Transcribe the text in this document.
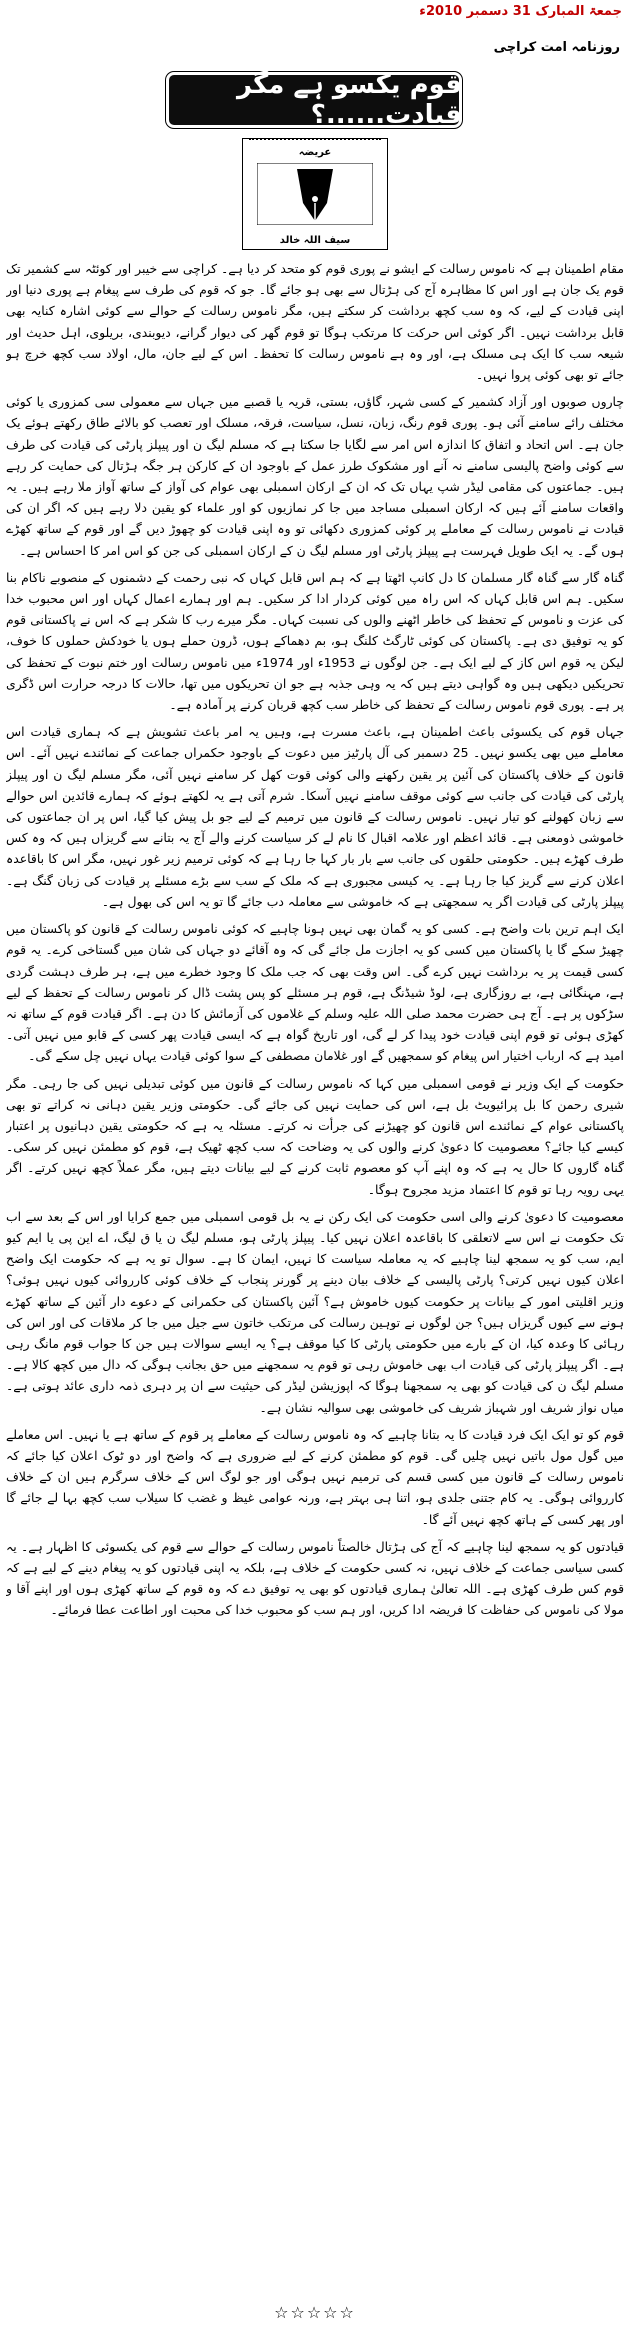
جمعۃ المبارک 31 دسمبر 2010ء
روزنامہ امت کراچی
قوم یکسو ہے مگر قیادت......؟
عریضہ
سیف اللہ خالد

مقام اطمینان ہے کہ ناموس رسالت کے ایشو نے پوری قوم کو متحد کر دیا ہے۔ کراچی سے خیبر اور کوئٹہ سے کشمیر تک قوم یک جان ہے اور اس کا مظاہرہ آج کی ہڑتال سے بھی ہو جائے گا۔ جو کہ قوم کی طرف سے پیغام ہے پوری دنیا اور اپنی قیادت کے لیے، کہ وہ سب کچھ برداشت کر سکتے ہیں، مگر ناموس رسالت کے حوالے سے کوئی اشارہ کنایہ بھی قابل برداشت نہیں۔ اگر کوئی اس حرکت کا مرتکب ہوگا تو قوم گھر کی دیوار گرانے، دیوبندی، بریلوی، اہل حدیث اور شیعہ سب کا ایک ہی مسلک ہے، اور وہ ہے ناموس رسالت کا تحفظ۔ اس کے لیے جان، مال، اولاد سب کچھ خرچ ہو جائے تو بھی کوئی پروا نہیں۔

چاروں صوبوں اور آزاد کشمیر کے کسی شہر، گاؤں، بستی، قریہ یا قصبے میں جہاں سے معمولی سی کمزوری یا کوئی مختلف رائے سامنے آئی ہو۔ پوری قوم رنگ، زبان، نسل، سیاست، فرقہ، مسلک اور تعصب کو بالائے طاق رکھتے ہوئے یک جان ہے۔ اس اتحاد و اتفاق کا اندازہ اس امر سے لگایا جا سکتا ہے کہ مسلم لیگ ن اور پیپلز پارٹی کی قیادت کی طرف سے کوئی واضح پالیسی سامنے نہ آنے اور مشکوک طرز عمل کے باوجود ان کے کارکن ہر جگہ ہڑتال کی حمایت کر رہے ہیں۔ جماعتوں کی مقامی لیڈر شپ یہاں تک کہ ان کے ارکان اسمبلی بھی عوام کی آواز کے ساتھ آواز ملا رہے ہیں۔ یہ واقعات سامنے آئے ہیں کہ ارکان اسمبلی مساجد میں جا کر نمازیوں کو اور علماء کو یقین دلا رہے ہیں کہ اگر ان کی قیادت نے ناموس رسالت کے معاملے پر کوئی کمزوری دکھائی تو وہ اپنی قیادت کو چھوڑ دیں گے اور قوم کے ساتھ کھڑے ہوں گے۔ یہ ایک طویل فہرست ہے پیپلز پارٹی اور مسلم لیگ ن کے ارکان اسمبلی کی جن کو اس امر کا احساس ہے۔

گناہ گار سے گناہ گار مسلمان کا دل کانپ اٹھتا ہے کہ ہم اس قابل کہاں کہ نبی رحمت کے دشمنوں کے منصوبے ناکام بنا سکیں۔ ہم اس قابل کہاں کہ اس راہ میں کوئی کردار ادا کر سکیں۔ ہم اور ہمارے اعمال کہاں اور اس محبوب خدا کی عزت و ناموس کے تحفظ کی خاطر اٹھنے والوں کی نسبت کہاں۔ مگر میرے رب کا شکر ہے کہ اس نے پاکستانی قوم کو یہ توفیق دی ہے۔ پاکستان کی کوئی ٹارگٹ کلنگ ہو، بم دھماکے ہوں، ڈرون حملے ہوں یا خودکش حملوں کا خوف، لیکن یہ قوم اس کاز کے لیے ایک ہے۔ جن لوگوں نے 1953ء اور 1974ء میں ناموس رسالت اور ختم نبوت کے تحفظ کی تحریکیں دیکھی ہیں وہ گواہی دیتے ہیں کہ یہ وہی جذبہ ہے جو ان تحریکوں میں تھا، حالات کا درجہ حرارت اس ڈگری پر ہے۔ پوری قوم ناموس رسالت کے تحفظ کی خاطر سب کچھ قربان کرنے پر آمادہ ہے۔

جہاں قوم کی یکسوئی باعث اطمینان ہے، باعث مسرت ہے، وہیں یہ امر باعث تشویش ہے کہ ہماری قیادت اس معاملے میں بھی یکسو نہیں۔ 25 دسمبر کی آل پارٹیز میں دعوت کے باوجود حکمراں جماعت کے نمائندے نہیں آئے۔ اس قانون کے خلاف پاکستان کی آئین پر یقین رکھنے والی کوئی قوت کھل کر سامنے نہیں آئی، مگر مسلم لیگ ن اور پیپلز پارٹی کی قیادت کی جانب سے کوئی موقف سامنے نہیں آسکا۔ شرم آتی ہے یہ لکھتے ہوئے کہ ہمارے قائدین اس حوالے سے زبان کھولنے کو تیار نہیں۔ ناموس رسالت کے قانون میں ترمیم کے لیے جو بل پیش کیا گیا، اس پر ان جماعتوں کی خاموشی ذومعنی ہے۔ قائد اعظم اور علامہ اقبال کا نام لے کر سیاست کرنے والے آج یہ بتانے سے گریزاں ہیں کہ وہ کس طرف کھڑے ہیں۔ حکومتی حلقوں کی جانب سے بار بار کہا جا رہا ہے کہ کوئی ترمیم زیر غور نہیں، مگر اس کا باقاعدہ اعلان کرنے سے گریز کیا جا رہا ہے۔ یہ کیسی مجبوری ہے کہ ملک کے سب سے بڑے مسئلے پر قیادت کی زبان گنگ ہے۔ پیپلز پارٹی کی قیادت اگر یہ سمجھتی ہے کہ خاموشی سے معاملہ دب جائے گا تو یہ اس کی بھول ہے۔

ایک اہم ترین بات واضح ہے۔ کسی کو یہ گمان بھی نہیں ہونا چاہیے کہ کوئی ناموس رسالت کے قانون کو پاکستان میں چھیڑ سکے گا یا پاکستان میں کسی کو یہ اجازت مل جائے گی کہ وہ آقائے دو جہاں کی شان میں گستاخی کرے۔ یہ قوم کسی قیمت پر یہ برداشت نہیں کرے گی۔ اس وقت بھی کہ جب ملک کا وجود خطرے میں ہے، ہر طرف دہشت گردی ہے، مہنگائی ہے، بے روزگاری ہے، لوڈ شیڈنگ ہے، قوم ہر مسئلے کو پس پشت ڈال کر ناموس رسالت کے تحفظ کے لیے سڑکوں پر ہے۔ آج ہی حضرت محمد صلی اللہ علیہ وسلم کے غلاموں کی آزمائش کا دن ہے۔ اگر قیادت قوم کے ساتھ نہ کھڑی ہوئی تو قوم اپنی قیادت خود پیدا کر لے گی، اور تاریخ گواہ ہے کہ ایسی قیادت پھر کسی کے قابو میں نہیں آتی۔ امید ہے کہ ارباب اختیار اس پیغام کو سمجھیں گے اور غلامان مصطفی کے سوا کوئی قیادت یہاں نہیں چل سکے گی۔

حکومت کے ایک وزیر نے قومی اسمبلی میں کہا کہ ناموس رسالت کے قانون میں کوئی تبدیلی نہیں کی جا رہی۔ مگر شیری رحمن کا بل پرائیویٹ بل ہے، اس کی حمایت نہیں کی جائے گی۔ حکومتی وزیر یقین دہانی نہ کراتے تو بھی پاکستانی عوام کے نمائندے اس قانون کو چھیڑنے کی جرأت نہ کرتے۔ مسئلہ یہ ہے کہ حکومتی یقین دہانیوں پر اعتبار کیسے کیا جائے؟ معصومیت کا دعویٰ کرنے والوں کی یہ وضاحت کہ سب کچھ ٹھیک ہے، قوم کو مطمئن نہیں کر سکی۔ گناہ گاروں کا حال یہ ہے کہ وہ اپنے آپ کو معصوم ثابت کرنے کے لیے بیانات دیتے ہیں، مگر عملاً کچھ نہیں کرتے۔ اگر یہی رویہ رہا تو قوم کا اعتماد مزید مجروح ہوگا۔

معصومیت کا دعویٰ کرنے والی اسی حکومت کی ایک رکن نے یہ بل قومی اسمبلی میں جمع کرایا اور اس کے بعد سے اب تک حکومت نے اس سے لاتعلقی کا باقاعدہ اعلان نہیں کیا۔ پیپلز پارٹی ہو، مسلم لیگ ن یا ق لیگ، اے این پی یا ایم کیو ایم، سب کو یہ سمجھ لینا چاہیے کہ یہ معاملہ سیاست کا نہیں، ایمان کا ہے۔ سوال تو یہ ہے کہ حکومت ایک واضح اعلان کیوں نہیں کرتی؟ پارٹی پالیسی کے خلاف بیان دینے پر گورنر پنجاب کے خلاف کوئی کارروائی کیوں نہیں ہوئی؟ وزیر اقلیتی امور کے بیانات پر حکومت کیوں خاموش ہے؟ آئین پاکستان کی حکمرانی کے دعوے دار آئین کے ساتھ کھڑے ہونے سے کیوں گریزاں ہیں؟ جن لوگوں نے توہین رسالت کی مرتکب خاتون سے جیل میں جا کر ملاقات کی اور اس کی رہائی کا وعدہ کیا، ان کے بارے میں حکومتی پارٹی کا کیا موقف ہے؟ یہ ایسے سوالات ہیں جن کا جواب قوم مانگ رہی ہے۔ اگر پیپلز پارٹی کی قیادت اب بھی خاموش رہی تو قوم یہ سمجھنے میں حق بجانب ہوگی کہ دال میں کچھ کالا ہے۔ مسلم لیگ ن کی قیادت کو بھی یہ سمجھنا ہوگا کہ اپوزیشن لیڈر کی حیثیت سے ان پر دہری ذمہ داری عائد ہوتی ہے۔ میاں نواز شریف اور شہباز شریف کی خاموشی بھی سوالیہ نشان ہے۔

قوم کو تو ایک ایک فرد قیادت کا یہ بتانا چاہیے کہ وہ ناموس رسالت کے معاملے پر قوم کے ساتھ ہے یا نہیں۔ اس معاملے میں گول مول باتیں نہیں چلیں گی۔ قوم کو مطمئن کرنے کے لیے ضروری ہے کہ واضح اور دو ٹوک اعلان کیا جائے کہ ناموس رسالت کے قانون میں کسی قسم کی ترمیم نہیں ہوگی اور جو لوگ اس کے خلاف سرگرم ہیں ان کے خلاف کارروائی ہوگی۔ یہ کام جتنی جلدی ہو، اتنا ہی بہتر ہے، ورنہ عوامی غیظ و غضب کا سیلاب سب کچھ بہا لے جائے گا اور پھر کسی کے ہاتھ کچھ نہیں آئے گا۔

قیادتوں کو یہ سمجھ لینا چاہیے کہ آج کی ہڑتال خالصتاً ناموس رسالت کے حوالے سے قوم کی یکسوئی کا اظہار ہے۔ یہ کسی سیاسی جماعت کے خلاف نہیں، نہ کسی حکومت کے خلاف ہے، بلکہ یہ اپنی قیادتوں کو یہ پیغام دینے کے لیے ہے کہ قوم کس طرف کھڑی ہے۔ اللہ تعالیٰ ہماری قیادتوں کو بھی یہ توفیق دے کہ وہ قوم کے ساتھ کھڑی ہوں اور اپنے آقا و مولا کی ناموس کی حفاظت کا فریضہ ادا کریں، اور ہم سب کو محبوب خدا کی محبت اور اطاعت عطا فرمائے۔

☆☆☆☆☆
